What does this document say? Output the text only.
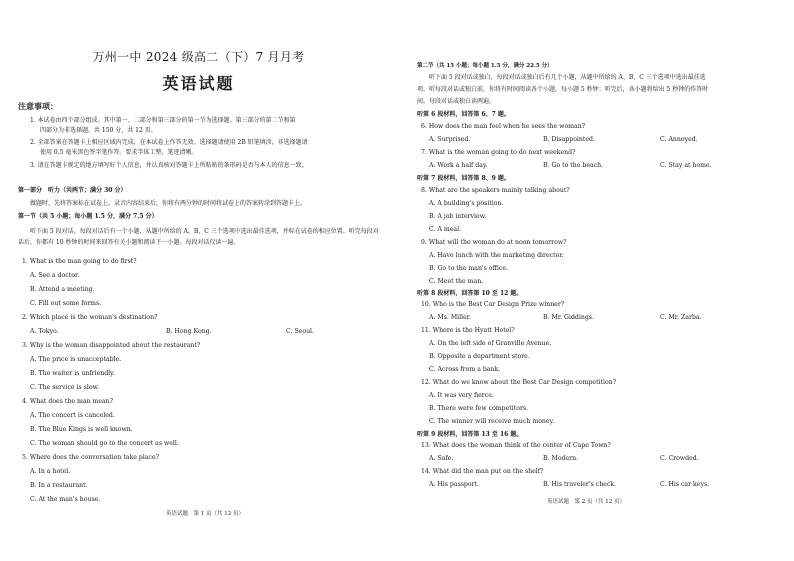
万州一中 2024 级高二（下）7 月月考
英语试题
注意事项：
1. 本试卷由四个部分组成。其中第一、二部分和第三部分的第一节为选择题。第三部分的第二节和第
四部分为非选择题。共 150 分，共 12 页。
2. 全部答案在答题卡上相应区域内完成，在本试卷上作答无效。选择题请使用 2B 铅笔填涂，非选择题请
使用 0.5 毫米黑色签字笔作答。要求字体工整、笔迹清晰。
3. 请在答题卡规定的地方填写好个人信息，并认真核对答题卡上所粘贴的条形码是否与本人的信息一致。
第一部分　听力（共两节；满分 30 分）
做题时，先将答案标在试卷上。录音内容结束后，你将有两分钟的时间将试卷上的答案转涂到答题卡上。
第一节（共 5 小题；每小题 1.5 分，满分 7.5 分）
听下面 5 段对话。每段对话后有一个小题，从题中所给的 A、B、C 三个选项中选出最佳选项，并标在试卷的相应位置。听完每段对话后，你都有 10 秒钟的时间来回答有关小题和阅读下一小题。每段对话仅读一遍。
1. What is the man going to do first?
A. See a doctor.
B. Attend a meeting.
C. Fill out some forms.
2. Which place is the woman's destination?
A. Tokyo.	B. Hong Kong.	C. Seoul.
3. Why is the woman disappointed about the restaurant?
A. The price is unacceptable.
B. The waiter is unfriendly.
C. The service is slow.
4. What does the man mean?
A. The concert is canceled.
B. The Blue Kings is well known.
C. The woman should go to the concert as well.
5. Where does the conversation take place?
A. In a hotel.
B. In a restaurant.
C. At the man's house.
英语试题　第 1 页（共 12 页）
第二节（共 15 小题；每小题 1.5 分，满分 22.5 分）
听下面 5 段对话或独白。每段对话或独白后有几个小题，从题中所给的 A、B、C 三个选项中选出最佳选
项。听每段对话或独白前，你将有时间阅读各个小题，每小题 5 秒钟；听完后，各小题将给出 5 秒钟的作答时
间。每段对话或独白读两遍。
听第 6 段材料，回答第 6、7 题。
6. How does the man feel when he sees the woman?
A. Surprised.	B. Disappointed.	C. Annoyed.
7. What is the woman going to do next weekend?
A. Work a half day.	B. Go to the beach.	C. Stay at home.
听第 7 段材料，回答第 8、9 题。
8. What are the speakers mainly talking about?
A. A building's position.
B. A job interview.
C. A meal.
9. What will the woman do at noon tomorrow?
A. Have lunch with the marketing director.
B. Go to the man's office.
C. Meet the man.
听第 8 段材料，回答第 10 至 12 题。
10. Who is the Best Car Design Prize winner?
A. Ms. Miller.	B. Mr. Giddings.	C. Mr. Zarba.
11. Where is the Hyatt Hotel?
A. On the left side of Granville Avenue.
B. Opposite a department store.
C. Across from a bank.
12. What do we know about the Best Car Design competition?
A. It was very fierce.
B. There were few competitors.
C. The winner will receive much money.
听第 9 段材料，回答第 13 至 16 题。
13. What does the woman think of the center of Cape Town?
A. Safe.	B. Modern.	C. Crowded.
14. What did the man put on the shelf?
A. His passport.	B. His traveler's check.	C. His car keys.
英语试题　第 2 页（共 12 页）
